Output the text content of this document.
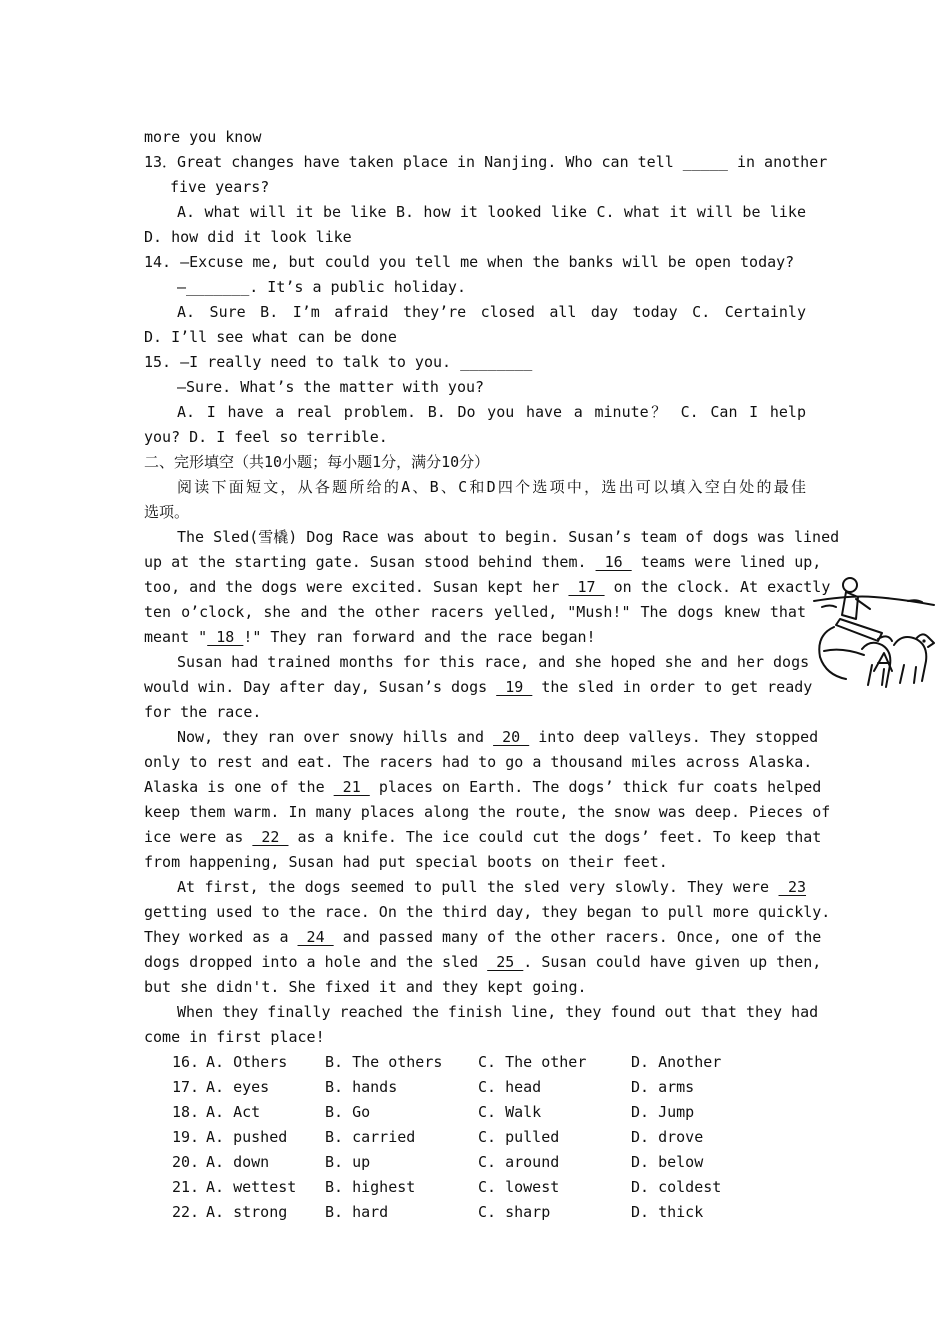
more you know
13．Great changes have taken place in Nanjing. Who can tell _____ in another
five years?
A. what will it be like B. how it looked like C. what it will be like
D. how did it look like
14. —Excuse me, but could you tell me when the banks will be open today?
—_______. It’s a public holiday.
A. Sure B. I’m afraid they’re closed all day today C. Certainly
D. I’ll see what can be done
15. —I really need to talk to you. ________
—Sure. What’s the matter with you?
A. I have a real problem. B. Do you have a minute？ C. Can I help
you? D. I feel so terrible.
二、完形填空（共10小题；每小题1分，满分10分）
阅读下面短文，从各题所给的A、B、C和D四个选项中，选出可以填入空白处的最佳
选项。
The Sled(雪橇) Dog Race was about to begin. Susan’s team of dogs was lined
up at the starting gate. Susan stood behind them.  16  teams were lined up,
too, and the dogs were excited. Susan kept her  17  on the clock. At exactly
ten o’clock, she and the other racers yelled, "Mush!" The dogs knew that
meant " 18 !" They ran forward and the race began!
Susan had trained months for this race, and she hoped she and her dogs
would win. Day after day, Susan’s dogs  19  the sled in order to get ready
for the race.
Now, they ran over snowy hills and  20  into deep valleys. They stopped
only to rest and eat. The racers had to go a thousand miles across Alaska.
Alaska is one of the  21  places on Earth. The dogs’ thick fur coats helped
keep them warm. In many places along the route, the snow was deep. Pieces of
ice were as  22  as a knife. The ice could cut the dogs’ feet. To keep that
from happening, Susan had put special boots on their feet.
At first, the dogs seemed to pull the sled very slowly. They were  23
getting used to the race. On the third day, they began to pull more quickly.
They worked as a  24  and passed many of the other racers. Once, one of the
dogs dropped into a hole and the sled  25 . Susan could have given up then,
but she didn't. She fixed it and they kept going.
When they finally reached the finish line, they found out that they had
come in first place!
16. A. Others	B. The others C. The other	D. Another
17. A. eyes	B. hands	C. head	D. arms
18. A. Act	B. Go	C. Walk	D. Jump
19. A. pushed	B. carried	C. pulled	D. drove
20. A. down	B. up	C. around	D. below
21. A. wettest B. highest	C. lowest	D. coldest
22. A. strong	B. hard	C. sharp	D. thick
